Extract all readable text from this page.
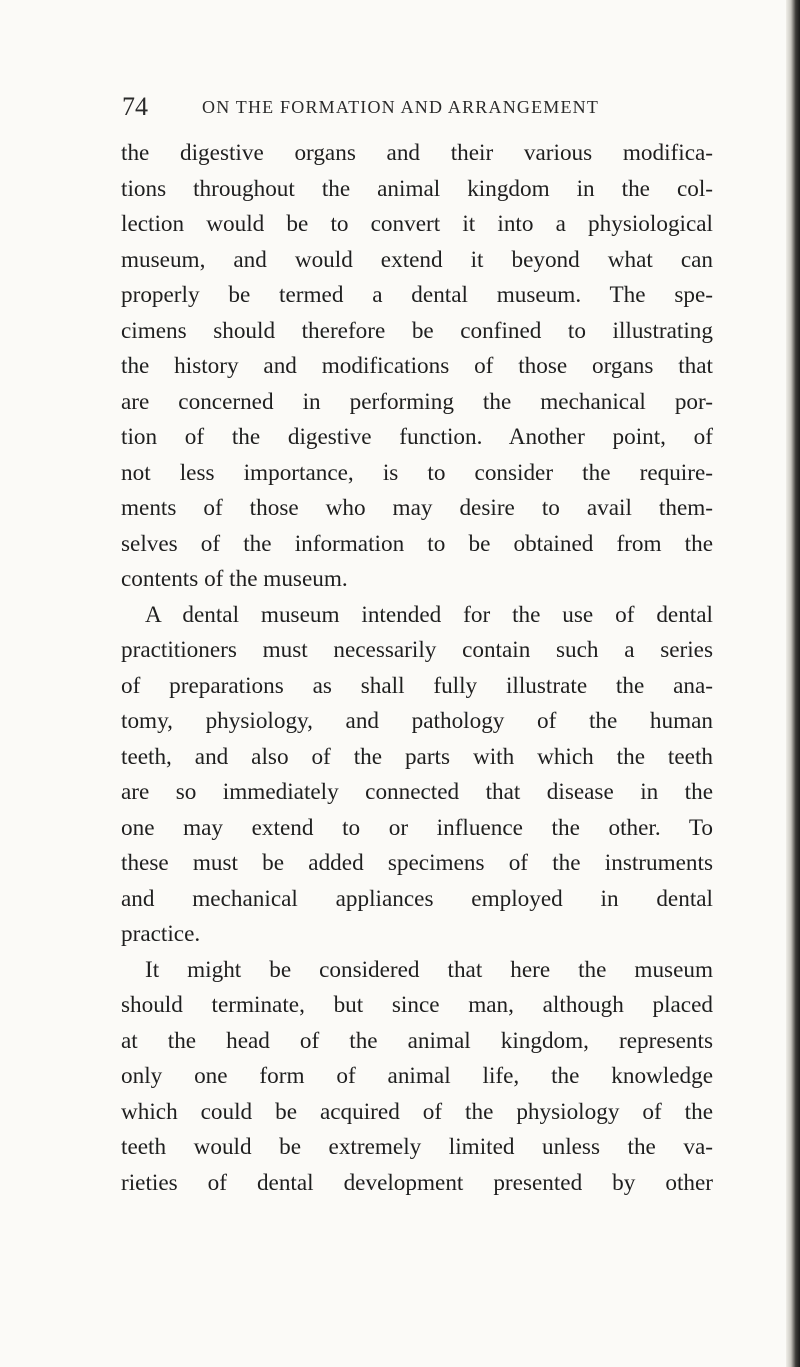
74	ON THE FORMATION AND ARRANGEMENT
the digestive organs and their various modifica-
tions throughout the animal kingdom in the col-
lection would be to convert it into a physiological
museum, and would extend it beyond what can
properly be termed a dental museum. The spe-
cimens should therefore be confined to illustrating
the history and modifications of those organs that
are concerned in performing the mechanical por-
tion of the digestive function. Another point, of
not less importance, is to consider the require-
ments of those who may desire to avail them-
selves of the information to be obtained from the
contents of the museum.
A dental museum intended for the use of dental
practitioners must necessarily contain such a series
of preparations as shall fully illustrate the ana-
tomy, physiology, and pathology of the human
teeth, and also of the parts with which the teeth
are so immediately connected that disease in the
one may extend to or influence the other. To
these must be added specimens of the instruments
and mechanical appliances employed in dental
practice.
It might be considered that here the museum
should terminate, but since man, although placed
at the head of the animal kingdom, represents
only one form of animal life, the knowledge
which could be acquired of the physiology of the
teeth would be extremely limited unless the va-
rieties of dental development presented by other
